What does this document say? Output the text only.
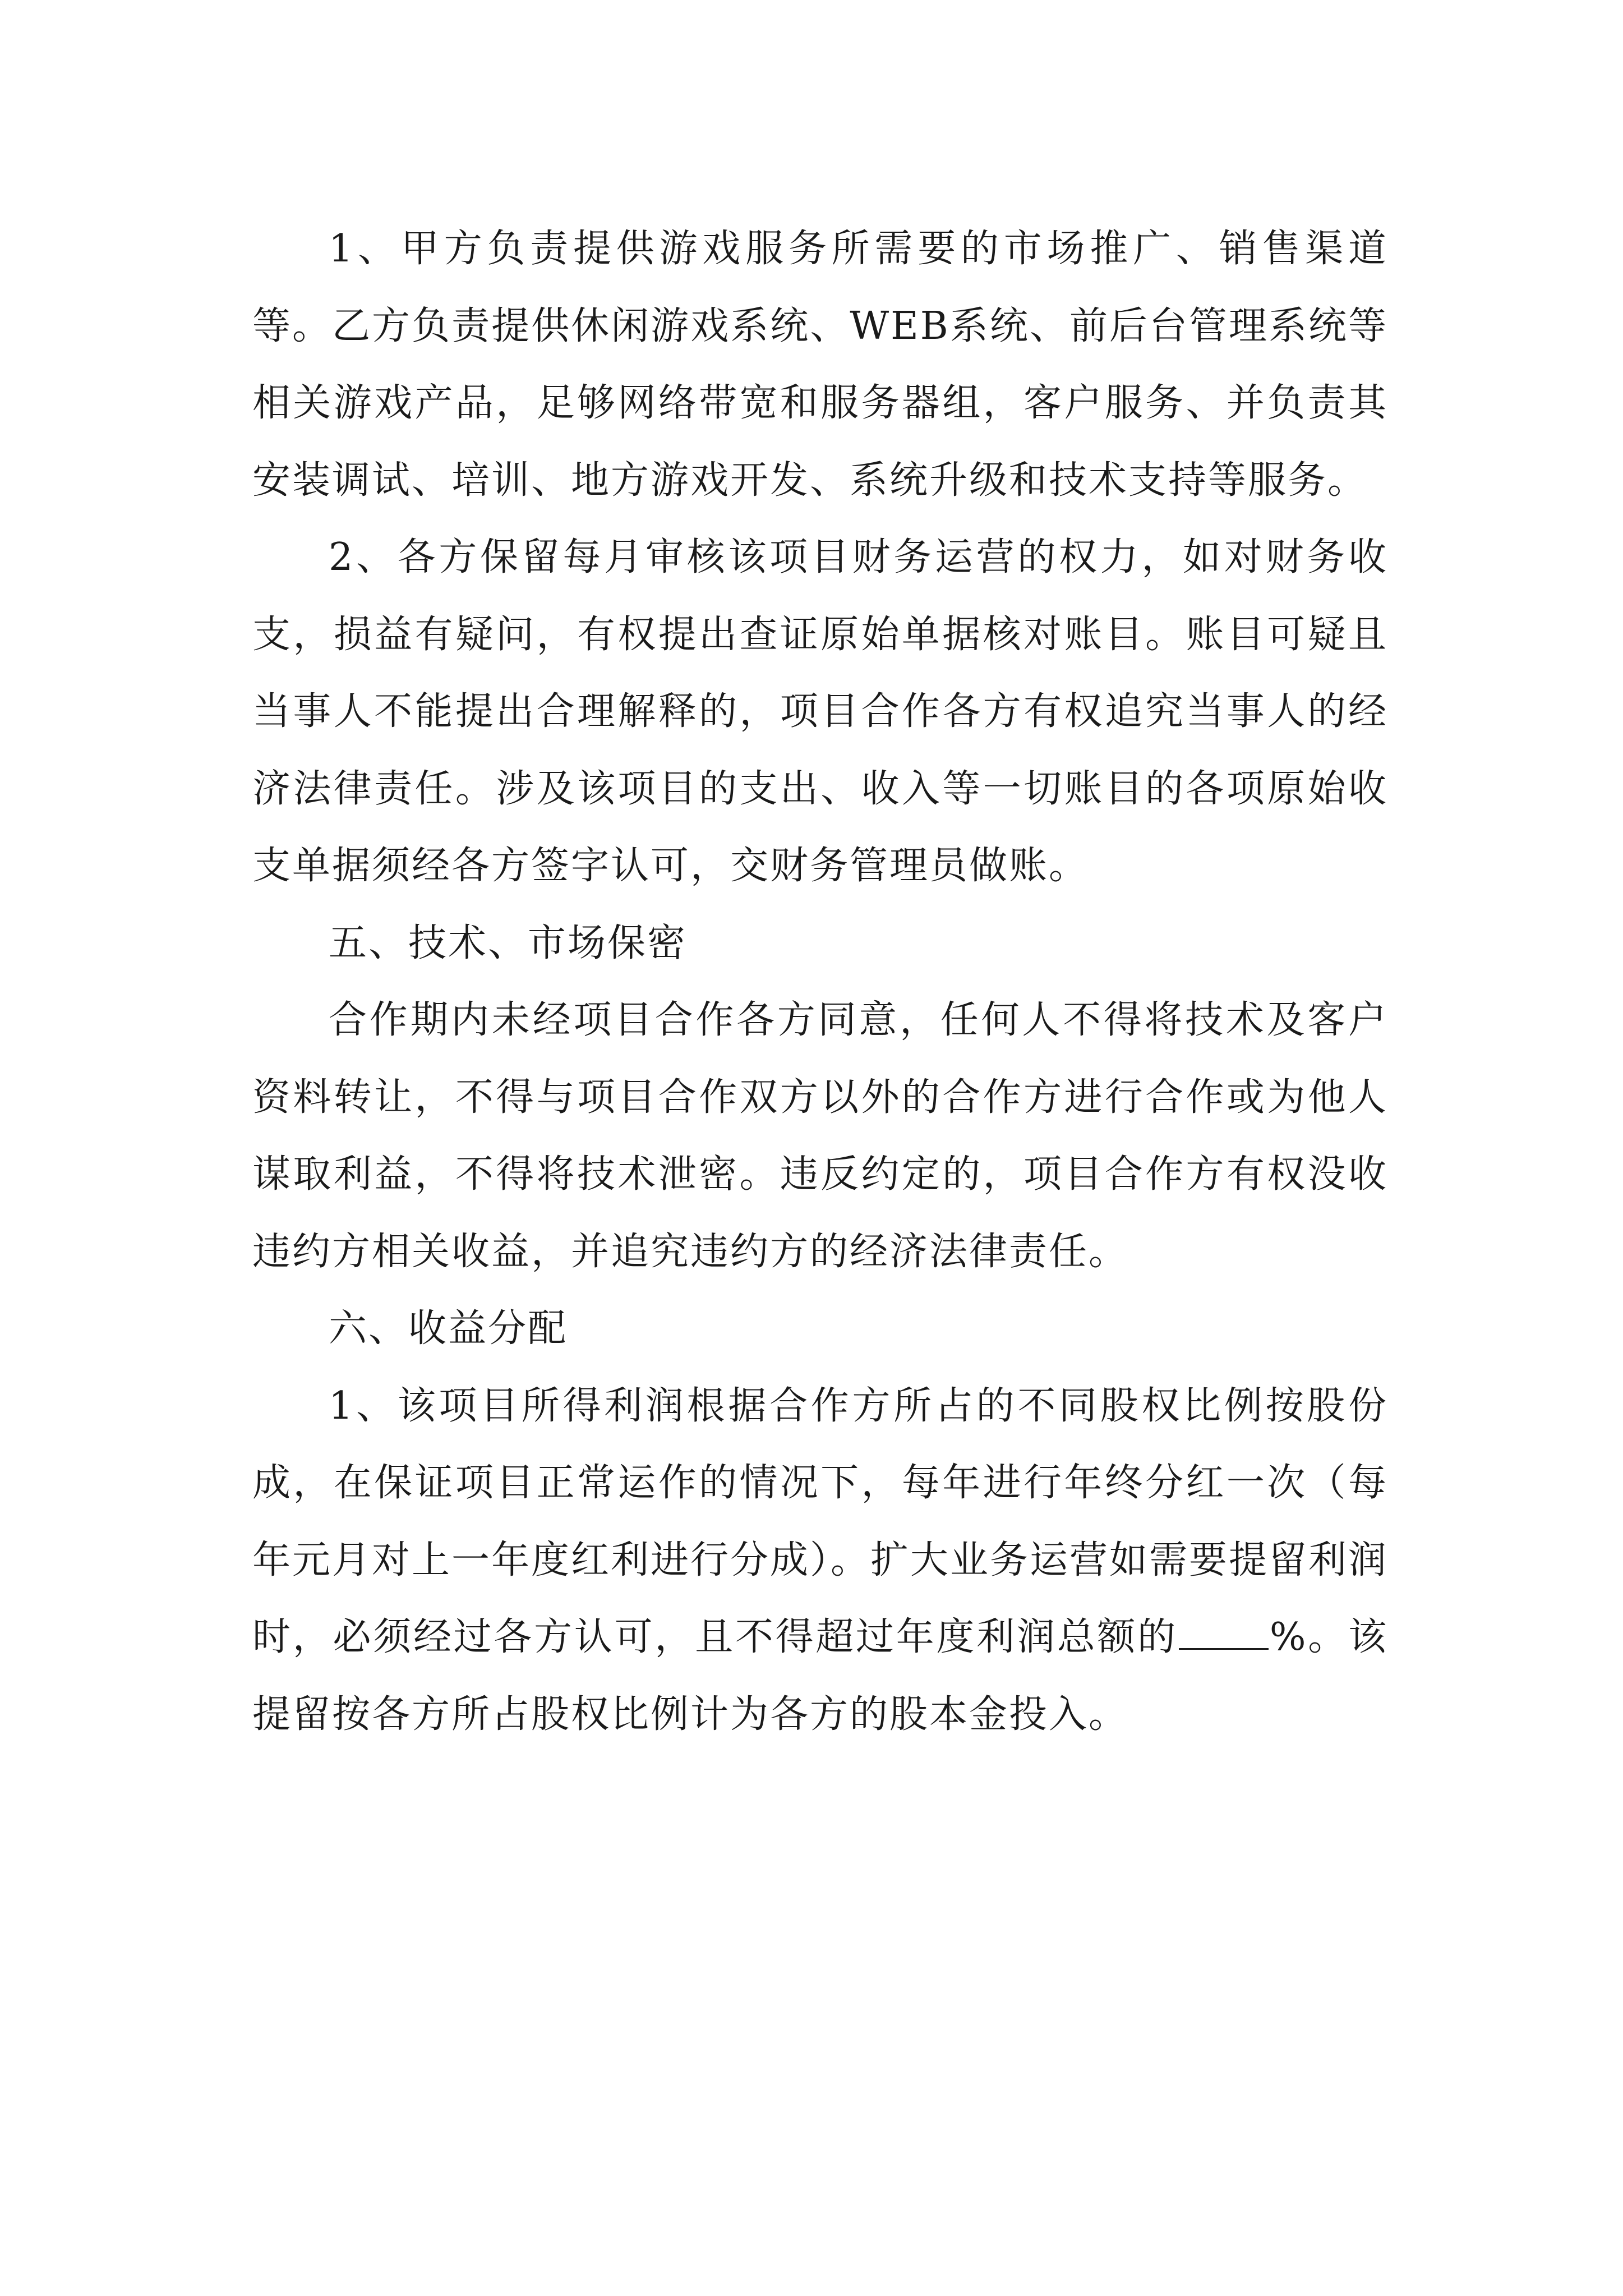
1、甲方负责提供游戏服务所需要的市场推广、销售渠道等。乙方负责提供休闲游戏系统、WEB系统、前后台管理系统等相关游戏产品，足够网络带宽和服务器组，客户服务、并负责其安装调试、培训、地方游戏开发、系统升级和技术支持等服务。

2、各方保留每月审核该项目财务运营的权力，如对财务收支，损益有疑问，有权提出查证原始单据核对账目。账目可疑且当事人不能提出合理解释的，项目合作各方有权追究当事人的经济法律责任。涉及该项目的支出、收入等一切账目的各项原始收支单据须经各方签字认可，交财务管理员做账。

五、技术、市场保密

合作期内未经项目合作各方同意，任何人不得将技术及客户资料转让，不得与项目合作双方以外的合作方进行合作或为他人谋取利益，不得将技术泄密。违反约定的，项目合作方有权没收违约方相关收益，并追究违约方的经济法律责任。

六、收益分配

1、该项目所得利润根据合作方所占的不同股权比例按股份成，在保证项目正常运作的情况下，每年进行年终分红一次（每年元月对上一年度红利进行分成）。扩大业务运营如需要提留利润时，必须经过各方认可，且不得超过年度利润总额的 %。该提留按各方所占股权比例计为各方的股本金投入。
